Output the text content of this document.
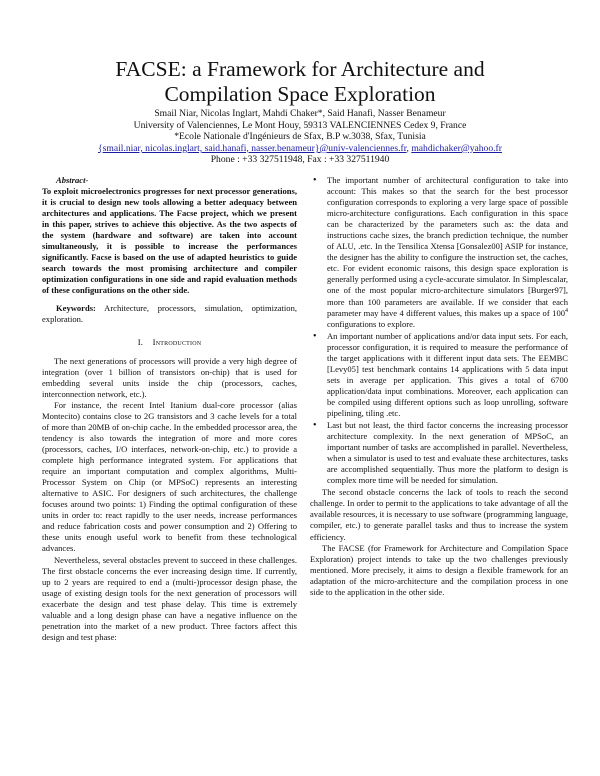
FACSE: a Framework for Architecture and
Compilation Space Exploration
Smail Niar, Nicolas Inglart, Mahdi Chaker*, Said Hanafi, Nasser Benameur
University of Valenciennes, Le Mont Houy, 59313 VALENCIENNES Cedex 9, France
*Ecole Nationale d'Ingénieurs de Sfax, B.P w.3038, Sfax, Tunisia
{smail.niar, nicolas.inglart, said.hanafi, nasser.benameur}@univ-valenciennes.fr, mahdichaker@yahoo.fr
Phone : +33 327511948, Fax : +33 327511940

Abstract-
To exploit microelectronics progresses for next processor generations, it is crucial to design new tools allowing a better adequacy between architectures and applications. The Facse project, which we present in this paper, strives to achieve this objective. As the two aspects of the system (hardware and software) are taken into account simultaneously, it is possible to increase the performances significantly. Facse is based on the use of adapted heuristics to guide search towards the most promising architecture and compiler optimization configurations in one side and rapid evaluation methods of these configurations on the other side.

Keywords: Architecture, processors, simulation, optimization, exploration.

I. Introduction

The next generations of processors will provide a very high degree of integration (over 1 billion of transistors on-chip) that is used for embedding several units inside the chip (processors, caches, interconnection network, etc.).

For instance, the recent Intel Itanium dual-core processor (alias Montecito) contains close to 2G transistors and 3 cache levels for a total of more than 20MB of on-chip cache. In the embedded processor area, the tendency is also towards the integration of more and more cores (processors, caches, I/O interfaces, network-on-chip, etc.) to provide a complete high performance integrated system. For applications that require an important computation and complex algorithms, Multi-Processor System on Chip (or MPSoC) represents an interesting alternative to ASIC. For designers of such architectures, the challenge focuses around two points: 1) Finding the optimal configuration of these units in order to: react rapidly to the user needs, increase performances and reduce fabrication costs and power consumption and 2) Offering to these units enough useful work to benefit from these technological advances.

Nevertheless, several obstacles prevent to succeed in these challenges. The first obstacle concerns the ever increasing design time. If currently, up to 2 years are required to end a (multi-)processor design phase, the usage of existing design tools for the next generation of processors will exacerbate the design and test phase delay. This time is extremely valuable and a long design phase can have a negative influence on the penetration into the market of a new product. Three factors affect this design and test phase:

• The important number of architectural configuration to take into account: This makes so that the search for the best processor configuration corresponds to exploring a very large space of possible micro-architecture configurations. Each configuration in this space can be characterized by the parameters such as: the data and instructions cache sizes, the branch prediction technique, the number of ALU, .etc. In the Tensilica Xtensa [Gonsalez00] ASIP for instance, the designer has the ability to configure the instruction set, the caches, etc. For evident economic raisons, this design space exploration is generally performed using a cycle-accurate simulator. In Simplescalar, one of the most popular micro-architecture simulators [Burger97], more than 100 parameters are available. If we consider that each parameter may have 4 different values, this makes up a space of $100^4$ configurations to explore.
• An important number of applications and/or data input sets. For each, processor configuration, it is required to measure the performance of the target applications with it different input data sets. The EEMBC [Levy05] test benchmark contains 14 applications with 5 data input sets in average per application. This gives a total of 6700 application/data input combinations. Moreover, each application can be compiled using different options such as loop unrolling, software pipelining, tiling .etc.
• Last but not least, the third factor concerns the increasing processor architecture complexity. In the next generation of MPSoC, an important number of tasks are accomplished in parallel. Nevertheless, when a simulator is used to test and evaluate these architectures, tasks are accomplished sequentially. Thus more the platform to design is complex more time will be needed for simulation.

The second obstacle concerns the lack of tools to reach the second challenge. In order to permit to the applications to take advantage of all the available resources, it is necessary to use software (programming language, compiler, etc.) to generate parallel tasks and thus to increase the system efficiency.

The FACSE (for Framework for Architecture and Compilation Space Exploration) project intends to take up the two challenges previously mentioned. More precisely, it aims to design a flexible framework for an adaptation of the micro-architecture and the compilation process in one side to the application in the other side.
